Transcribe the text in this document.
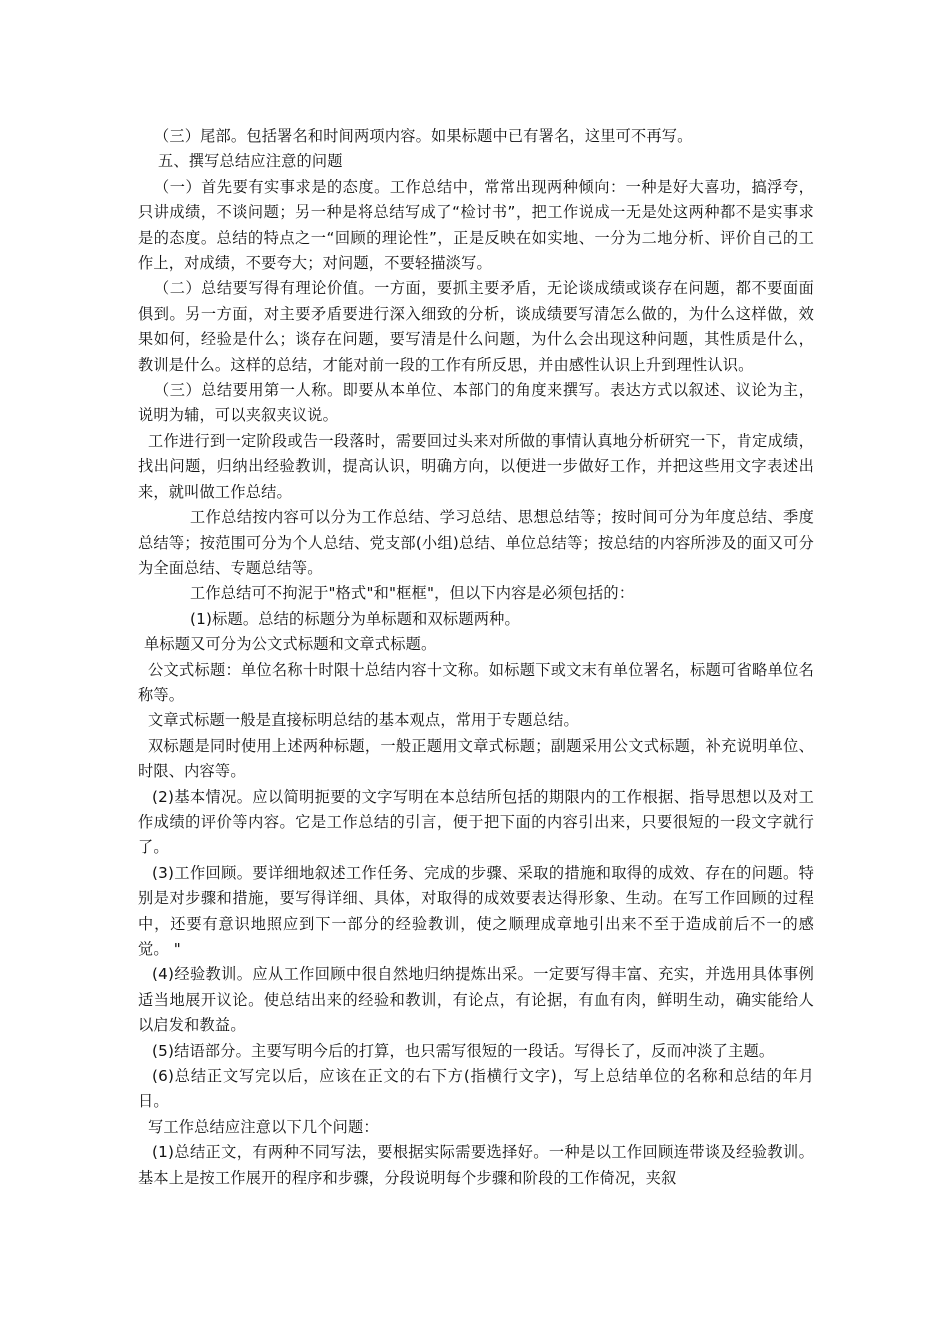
（三）尾部。包括署名和时间两项内容。如果标题中已有署名，这里可不再写。

五、撰写总结应注意的问题

（一）首先要有实事求是的态度。工作总结中，常常出现两种倾向：一种是好大喜功，搞浮夸，只讲成绩，不谈问题；另一种是将总结写成了“检讨书”，把工作说成一无是处这两种都不是实事求是的态度。总结的特点之一“回顾的理论性”，正是反映在如实地、一分为二地分析、评价自己的工作上，对成绩，不要夸大；对问题，不要轻描淡写。

（二）总结要写得有理论价值。一方面，要抓主要矛盾，无论谈成绩或谈存在问题，都不要面面俱到。另一方面，对主要矛盾要进行深入细致的分析，谈成绩要写清怎么做的，为什么这样做，效果如何，经验是什么；谈存在问题，要写清是什么问题，为什么会出现这种问题，其性质是什么，教训是什么。这样的总结，才能对前一段的工作有所反思，并由感性认识上升到理性认识。

（三）总结要用第一人称。即要从本单位、本部门的角度来撰写。表达方式以叙述、议论为主，说明为辅，可以夹叙夹议说。

工作进行到一定阶段或告一段落时，需要回过头来对所做的事情认真地分析研究一下，肯定成绩，找出问题，归纳出经验教训，提高认识，明确方向，以便进一步做好工作，并把这些用文字表述出来，就叫做工作总结。

工作总结按内容可以分为工作总结、学习总结、思想总结等；按时间可分为年度总结、季度总结等；按范围可分为个人总结、党支部(小组)总结、单位总结等；按总结的内容所涉及的面又可分为全面总结、专题总结等。

工作总结可不拘泥于"格式"和"框框"，但以下内容是必须包括的：

(1)标题。总结的标题分为单标题和双标题两种。

单标题又可分为公文式标题和文章式标题。

公文式标题：单位名称十时限十总结内容十文称。如标题下或文末有单位署名，标题可省略单位名称等。

文章式标题一般是直接标明总结的基本观点，常用于专题总结。

双标题是同时使用上述两种标题，一般正题用文章式标题；副题采用公文式标题，补充说明单位、时限、内容等。

(2)基本情况。应以简明扼要的文字写明在本总结所包括的期限内的工作根据、指导思想以及对工作成绩的评价等内容。它是工作总结的引言，便于把下面的内容引出来，只要很短的一段文字就行了。

(3)工作回顾。要详细地叙述工作任务、完成的步骤、采取的措施和取得的成效、存在的问题。特别是对步骤和措施，要写得详细、具体，对取得的成效要表达得形象、生动。在写工作回顾的过程中，还要有意识地照应到下一部分的经验教训，使之顺理成章地引出来不至于造成前后不一的感觉。 "

(4)经验教训。应从工作回顾中很自然地归纳提炼出采。一定要写得丰富、充实，并选用具体事例适当地展开议论。使总结出来的经验和教训，有论点，有论据，有血有肉，鲜明生动，确实能给人以启发和教益。

(5)结语部分。主要写明今后的打算，也只需写很短的一段话。写得长了，反而冲淡了主题。

(6)总结正文写完以后，应该在正文的右下方(指横行文字)，写上总结单位的名称和总结的年月日。

写工作总结应注意以下几个问题：

(1)总结正文，有两种不同写法，要根据实际需要选择好。一种是以工作回顾连带谈及经验教训。基本上是按工作展开的程序和步骤，分段说明每个步骤和阶段的工作倚况，夹叙
